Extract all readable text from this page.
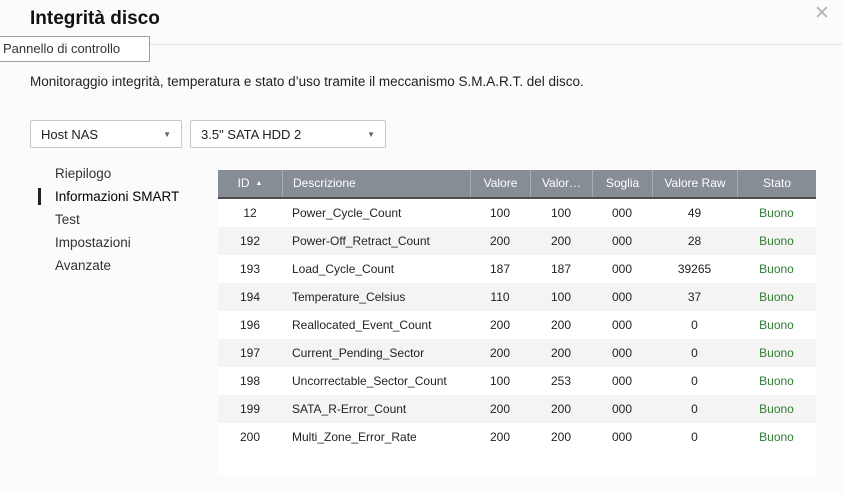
Integrità disco	✕
Pannello di controllo
Monitoraggio integrità, temperatura e stato d’uso tramite il meccanismo S.M.A.R.T. del disco.
Host NAS	▼	3.5" SATA HDD 2	▼
Riepilogo
Informazioni SMART
Test
Impostazioni
Avanzate
ID ▲	Descrizione	Valore	Valor…	Soglia	Valore Raw	Stato
12	Power_Cycle_Count	100	100	000	49	Buono
192	Power-Off_Retract_Count	200	200	000	28	Buono
193	Load_Cycle_Count	187	187	000	39265	Buono
194	Temperature_Celsius	110	100	000	37	Buono
196	Reallocated_Event_Count	200	200	000	0	Buono
197	Current_Pending_Sector	200	200	000	0	Buono
198	Uncorrectable_Sector_Count	100	253	000	0	Buono
199	SATA_R-Error_Count	200	200	000	0	Buono
200	Multi_Zone_Error_Rate	200	200	000	0	Buono
